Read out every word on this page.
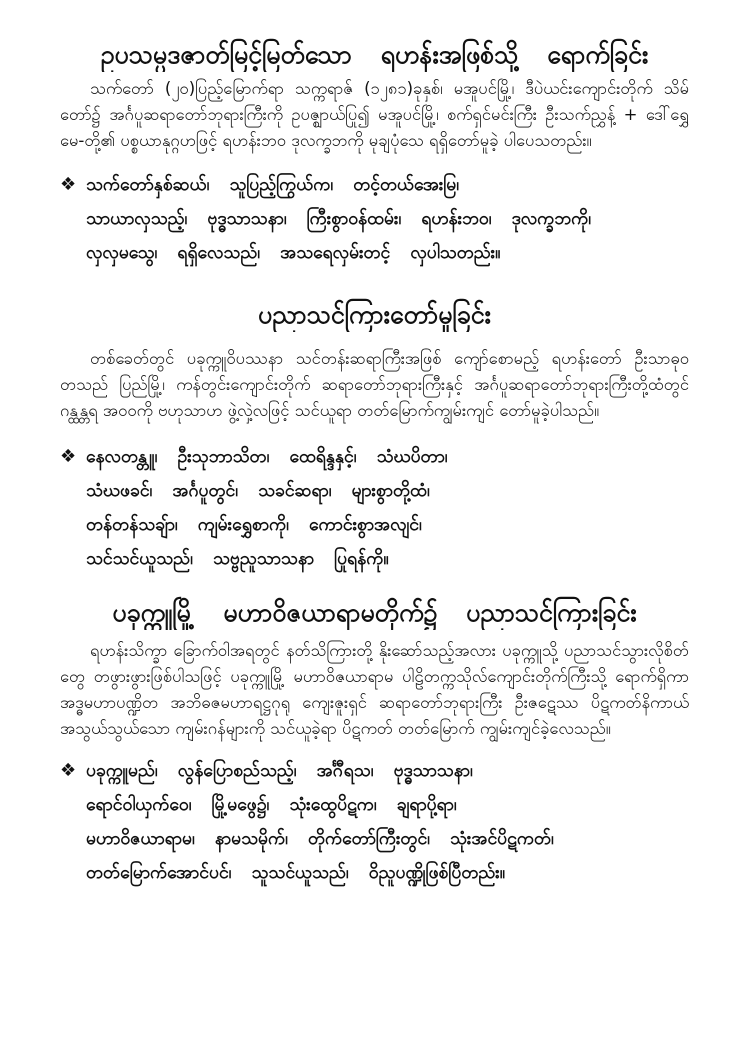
ဥပသမ္ပဒဇာတ်မြင့်မြတ်သော ရဟန်းအဖြစ်သို့ ရောက်ခြင်း

သက်တော် (၂၀)ပြည့်မြောက်ရာ သက္ကရာဇ် (၁၂၈၁)ခုနှစ်၊ မအူပင်မြို့၊ ဒီပဲယင်းကျောင်းတိုက် သိမ်တော်၌ အင်္ဂပူဆရာတော်ဘုရားကြီးကို ဥပဇ္ဈာယ်ပြု၍ မအူပင်မြို့၊ စက်ရှင်မင်းကြီး ဦးသက်ညွှန့် + ဒေါ်ရွှေမေ-တို့၏ ပစ္စယာနုဂ္ဂဟဖြင့် ရဟန်းဘဝ ဒုလက္ခဘကို မုချပုံသေ ရရှိတော်မူခဲ့ ပါပေသတည်း။

❖ သက်တော်နှစ်ဆယ်၊ သူပြည့်ကြွယ်က၊ တင့်တယ်အေးမြ၊
သာယာလှသည့်၊ ဗုဒ္ဓသာသနာ၊ ကြီးစွာဝန်ထမ်း၊ ရဟန်းဘဝ၊ ဒုလက္ခဘကို၊
လှလှမသွေ၊ ရရှိလေသည်၊ အသရေလှမ်းတင့် လှပါသတည်း။
ပညာသင်ကြားတော်မူခြင်း

တစ်ခေတ်တွင် ပခုက္ကူဝိပဿနာ သင်တန်းဆရာကြီးအဖြစ် ကျော်စောမည့် ရဟန်းတော် ဦးသာဓုဝတသည် ပြည်မြို့၊ ကန်တွင်းကျောင်းတိုက် ဆရာတော်ဘုရားကြီးနှင့် အင်္ဂပူဆရာတော်ဘုရားကြီးတို့ထံတွင် ဂန္ထန္တရ အဝဝကို ဗဟုသာဟ ဖွဲ့လှဲ့လဖြင့် သင်ယူရာ တတ်မြောက်ကျွမ်းကျင် တော်မူခဲ့ပါသည်။

❖ နေလတန္တူ၊ ဦးသုဘာသိတ၊ ထေရိန္ဒနှင့်၊ သံဃပိတာ၊
သံဃဖခင်၊ အင်္ဂပူတွင်၊ သခင်ဆရာ၊ များစွာတို့ထံ၊
တန်တန်သချ်ာ၊ ကျမ်းရွှေစာကို၊ ကောင်းစွာအလျင်၊
သင်သင်ယူသည်၊ သဗ္ဗညူသာသနာ ပြုရန်ကို။
ပခုက္ကူမြို့ မဟာဝိဇယာရာမတိုက်၌ ပညာသင်ကြားခြင်း

ရဟန်းသိက္ခာ ခြောက်ဝါအရတွင် နတ်သိကြားတို့ နိုးဆော်သည့်အလား ပခုက္ကူသို့ ပညာသင်သွားလိုစိတ်တွေ တဖွားဖွားဖြစ်ပါသဖြင့် ပခုက္ကူမြို့ မဟာဝိဇယာရာမ ပါဠိတက္ကသိုလ်ကျောင်းတိုက်ကြီးသို့ ရောက်ရှိကာ အဒ္ဓမဟာပဏ္ဍိတ အဘိဓဇမဟာရဋ္ဌဂုရု ကျေးဇူးရှင် ဆရာတော်ဘုရားကြီး ဦးဇဋေဿ ပိဋကတ်နိကာယ် အသွယ်သွယ်သော ကျမ်းဂန်များကို သင်ယူခဲ့ရာ ပိဋကတ် တတ်မြောက် ကျွမ်းကျင်ခဲ့လေသည်။

❖ ပခုက္ကူမည်၊ လွန်ပြောစည်သည့်၊ အင်္ဂီရသ၊ ဗုဒ္ဓသာသနာ၊
ရောင်ဝါယှက်ဝေ၊ မြို့မဖွေ၌၊ သုံးထွေပိဋက၊ ချရာပို့ရာ၊
မဟာဝိဇယာရာမ၊ နာမသမိုက်၊ တိုက်တော်ကြီးတွင်၊ သုံးအင်ပိဋကတ်၊
တတ်မြောက်အောင်ပင်၊ သူသင်ယူသည်၊ ဝိညူပဏ္ဍိုဖြစ်ပြီတည်း။
